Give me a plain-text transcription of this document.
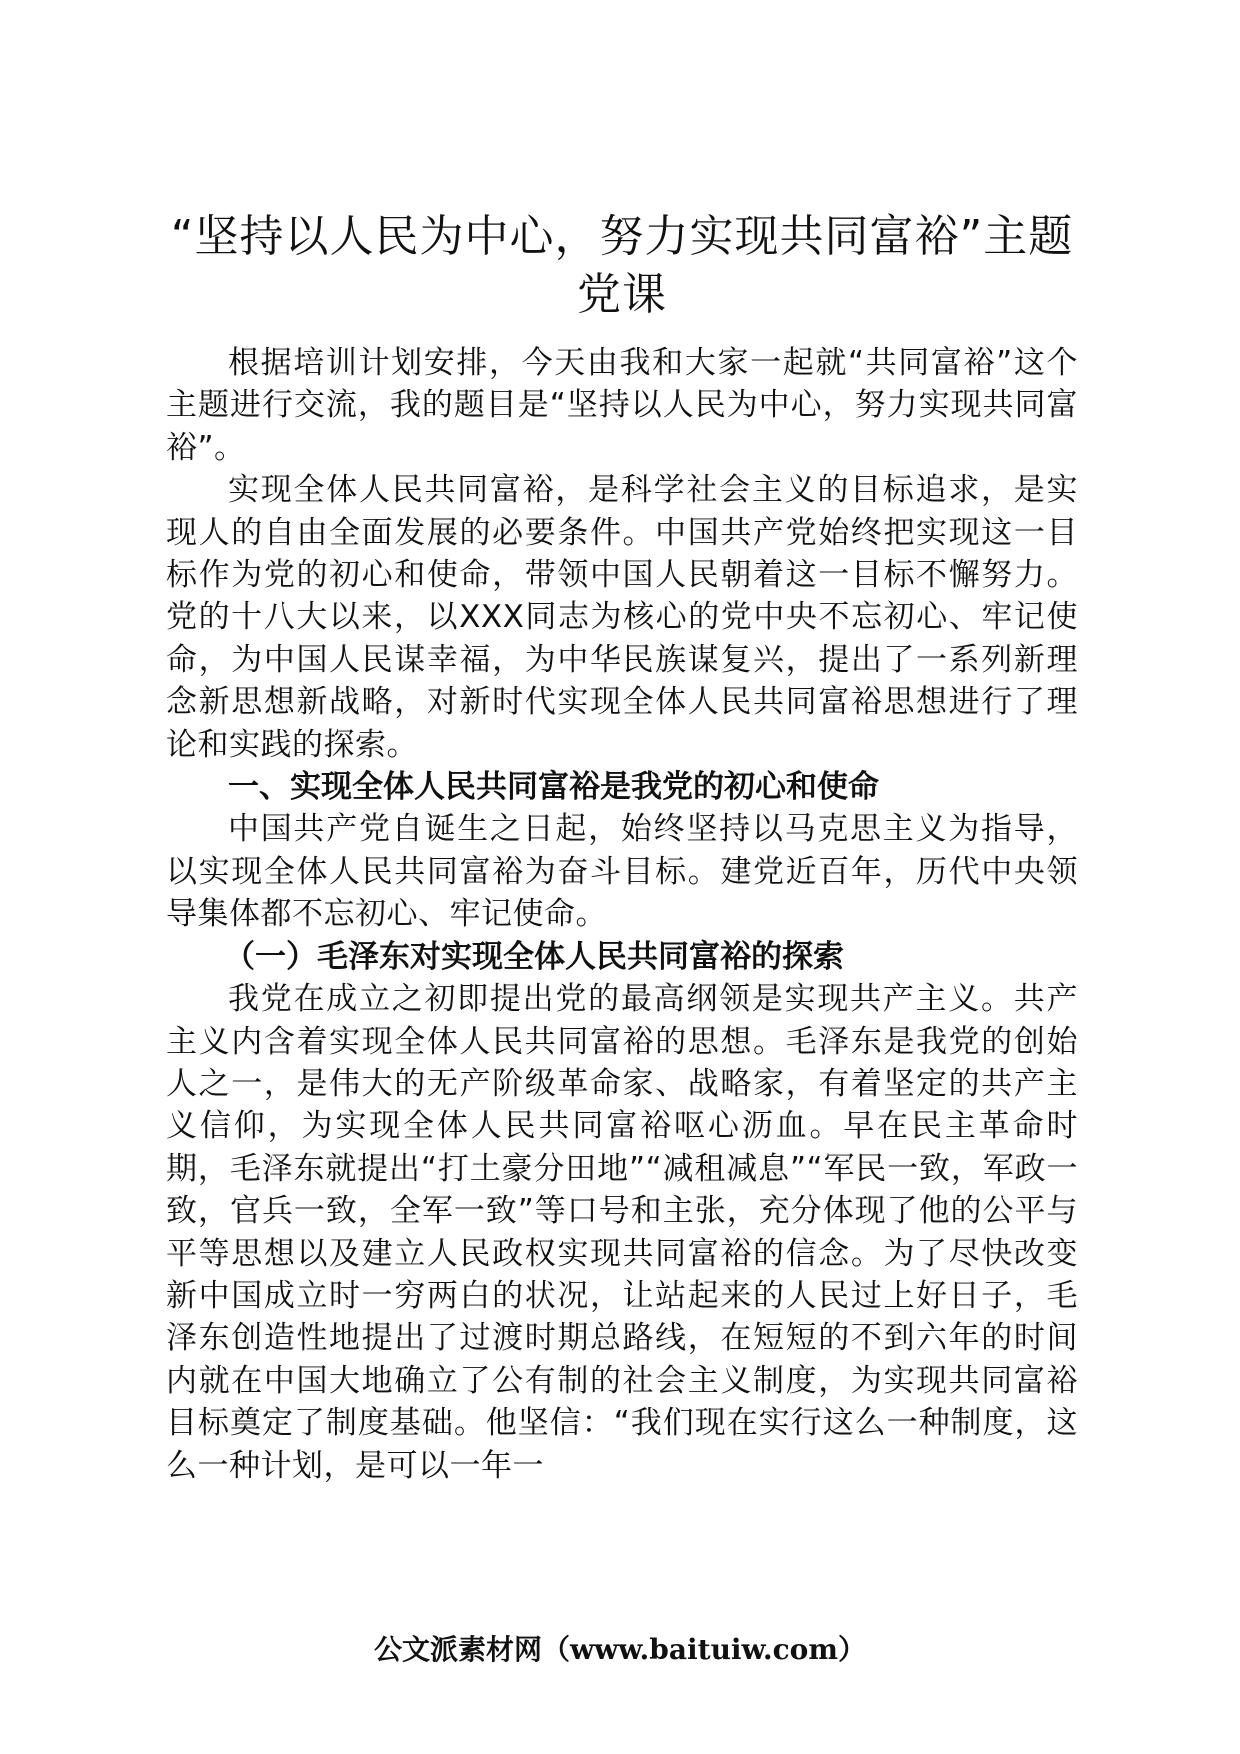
“坚持以人民为中心，努力实现共同富裕”主题党课

根据培训计划安排，今天由我和大家一起就“共同富裕”这个主题进行交流，我的题目是“坚持以人民为中心，努力实现共同富裕”。

实现全体人民共同富裕，是科学社会主义的目标追求，是实现人的自由全面发展的必要条件。中国共产党始终把实现这一目标作为党的初心和使命，带领中国人民朝着这一目标不懈努力。党的十八大以来，以XXX同志为核心的党中央不忘初心、牢记使命，为中国人民谋幸福，为中华民族谋复兴，提出了一系列新理念新思想新战略，对新时代实现全体人民共同富裕思想进行了理论和实践的探索。

一、实现全体人民共同富裕是我党的初心和使命

中国共产党自诞生之日起，始终坚持以马克思主义为指导，以实现全体人民共同富裕为奋斗目标。建党近百年，历代中央领导集体都不忘初心、牢记使命。

（一）毛泽东对实现全体人民共同富裕的探索

我党在成立之初即提出党的最高纲领是实现共产主义。共产主义内含着实现全体人民共同富裕的思想。毛泽东是我党的创始人之一，是伟大的无产阶级革命家、战略家，有着坚定的共产主义信仰，为实现全体人民共同富裕呕心沥血。早在民主革命时期，毛泽东就提出“打土豪分田地”“减租减息”“军民一致，军政一致，官兵一致，全军一致”等口号和主张，充分体现了他的公平与平等思想以及建立人民政权实现共同富裕的信念。为了尽快改变新中国成立时一穷两白的状况，让站起来的人民过上好日子，毛泽东创造性地提出了过渡时期总路线，在短短的不到六年的时间内就在中国大地确立了公有制的社会主义制度，为实现共同富裕目标奠定了制度基础。他坚信：“我们现在实行这么一种制度，这么一种计划，是可以一年一

公文派素材网（www.baituiw.com）
